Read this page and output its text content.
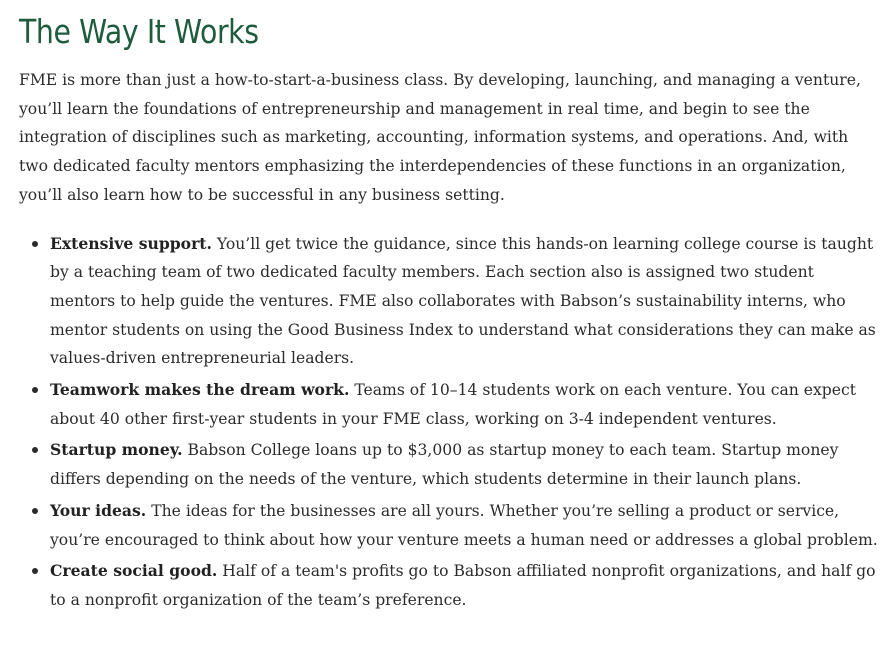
The Way It Works

FME is more than just a how-to-start-a-business class. By developing, launching, and managing a venture, you’ll learn the foundations of entrepreneurship and management in real time, and begin to see the integration of disciplines such as marketing, accounting, information systems, and operations. And, with two dedicated faculty mentors emphasizing the interdependencies of these functions in an organization, you’ll also learn how to be successful in any business setting.

Extensive support. You’ll get twice the guidance, since this hands-on learning college course is taught by a teaching team of two dedicated faculty members. Each section also is assigned two student mentors to help guide the ventures. FME also collaborates with Babson’s sustainability interns, who mentor students on using the Good Business Index to understand what considerations they can make as values-driven entrepreneurial leaders.
Teamwork makes the dream work. Teams of 10–14 students work on each venture. You can expect about 40 other first-year students in your FME class, working on 3-4 independent ventures.
Startup money. Babson College loans up to $3,000 as startup money to each team. Startup money differs depending on the needs of the venture, which students determine in their launch plans.
Your ideas. The ideas for the businesses are all yours. Whether you’re selling a product or service, you’re encouraged to think about how your venture meets a human need or addresses a global problem.
Create social good. Half of a team's profits go to Babson affiliated nonprofit organizations, and half go to a nonprofit organization of the team’s preference.
